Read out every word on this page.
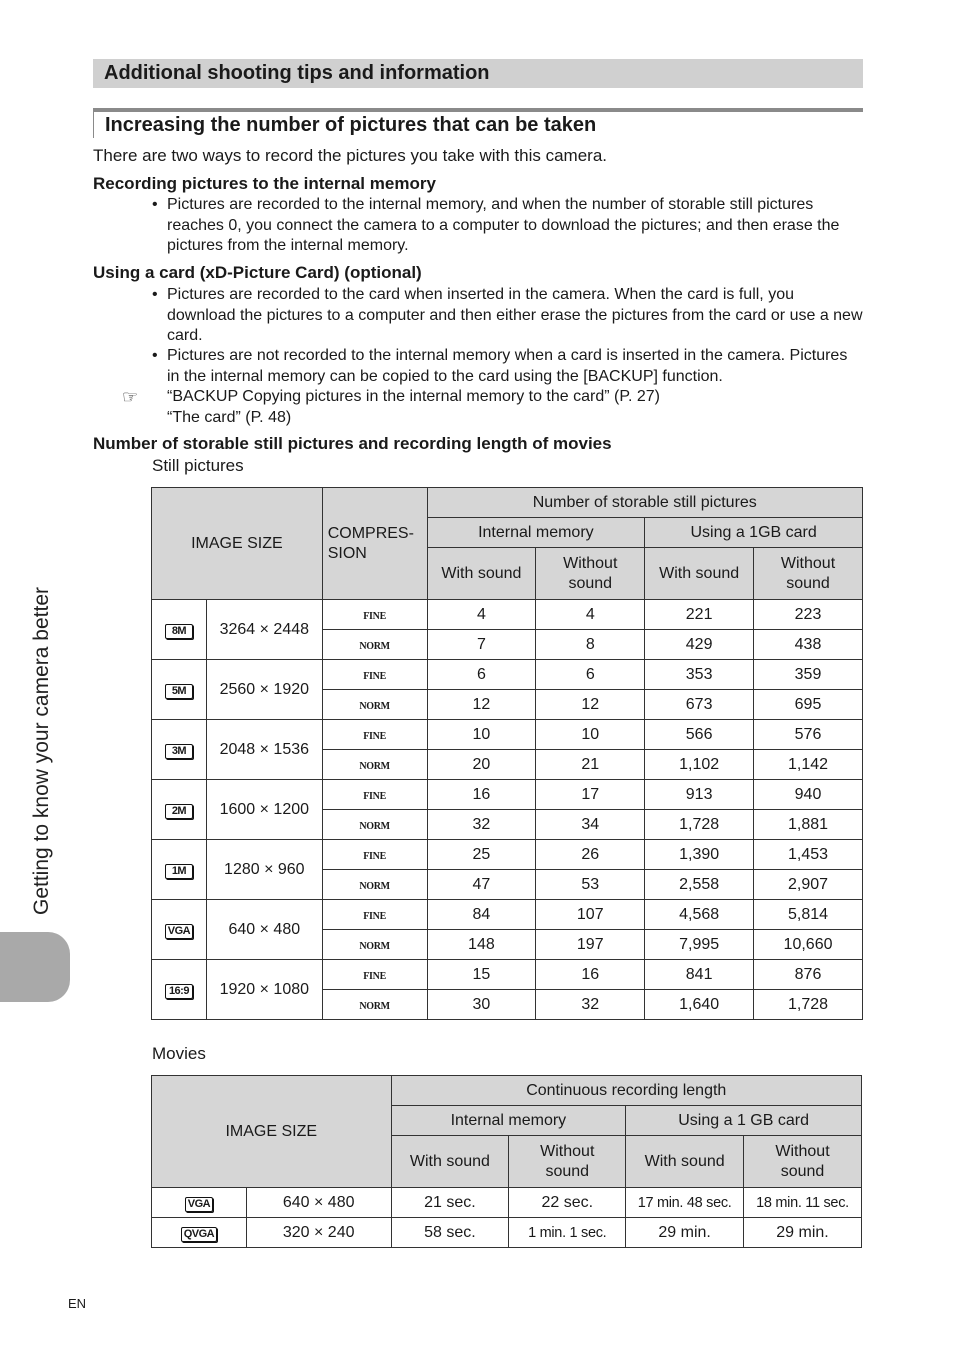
Getting to know your camera better
Additional shooting tips and information
Increasing the number of pictures that can be taken
There are two ways to record the pictures you take with this camera.
Recording pictures to the internal memory
• Pictures are recorded to the internal memory, and when the number of storable still pictures reaches 0, you connect the camera to a computer to download the pictures; and then erase the pictures from the internal memory.
Using a card (xD-Picture Card) (optional)
• Pictures are recorded to the card when inserted in the camera. When the card is full, you download the pictures to a computer and then either erase the pictures from the card or use a new card.
• Pictures are not recorded to the internal memory when a card is inserted in the camera. Pictures in the internal memory can be copied to the card using the [BACKUP] function.
☞ “BACKUP Copying pictures in the internal memory to the card” (P. 27)
“The card” (P. 48)
Number of storable still pictures and recording length of movies
Still pictures
IMAGE SIZE		COMPRES-SION	Number of storable still pictures			
			Internal memory		Using a 1GB card	
			With sound	Without sound	With sound	Without sound
8M	3264 × 2448	FINE	4	4	221	223
		NORM	7	8	429	438
5M	2560 × 1920	FINE	6	6	353	359
		NORM	12	12	673	695
3M	2048 × 1536	FINE	10	10	566	576
		NORM	20	21	1,102	1,142
2M	1600 × 1200	FINE	16	17	913	940
		NORM	32	34	1,728	1,881
1M	1280 × 960	FINE	25	26	1,390	1,453
		NORM	47	53	2,558	2,907
VGA	640 × 480	FINE	84	107	4,568	5,814
		NORM	148	197	7,995	10,660
16:9	1920 × 1080	FINE	15	16	841	876
		NORM	30	32	1,640	1,728
Movies
IMAGE SIZE		Continuous recording length			
		Internal memory		Using a 1 GB card	
		With sound	Without sound	With sound	Without sound
VGA	640 × 480	21 sec.	22 sec.	17 min. 48 sec.	18 min. 11 sec.
QVGA	320 × 240	58 sec.	1 min. 1 sec.	29 min.	29 min.
EN
